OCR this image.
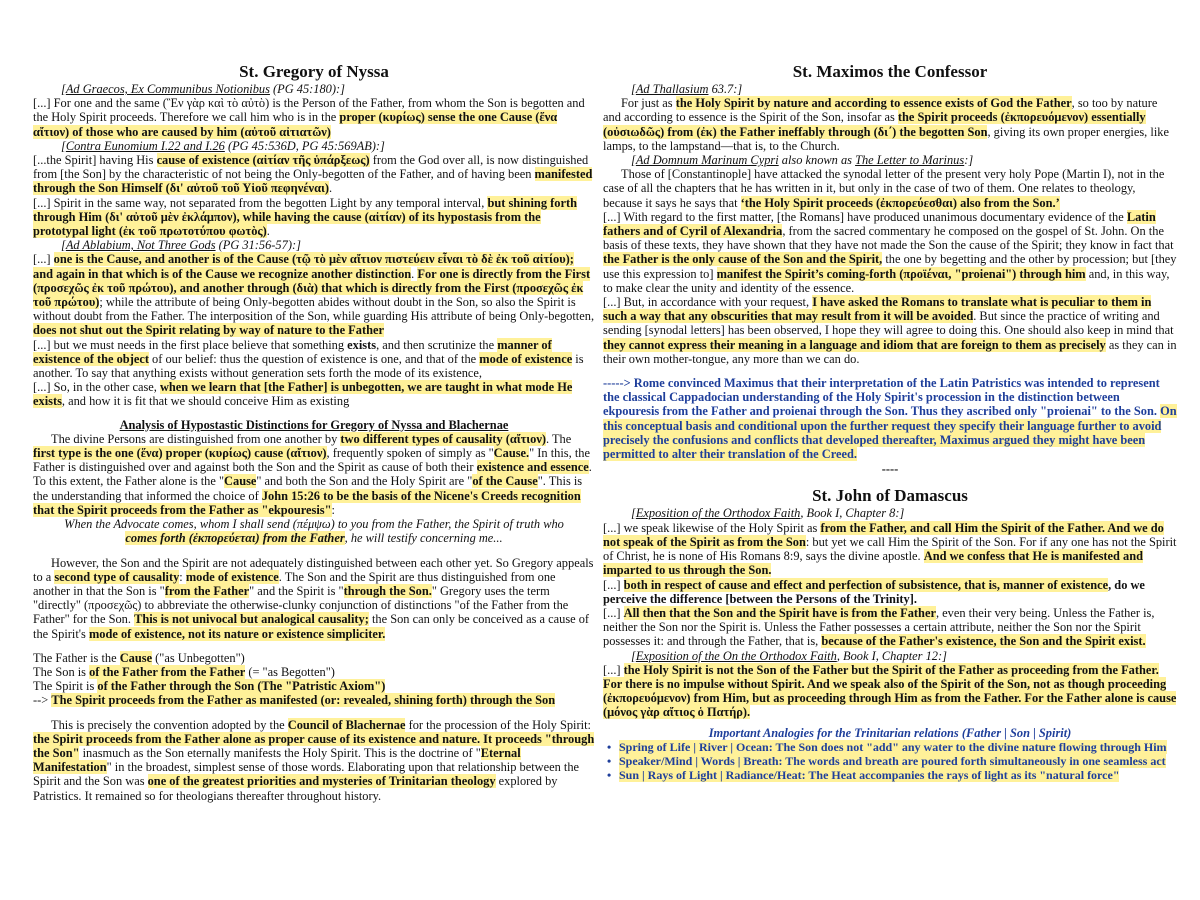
St. Gregory of Nyssa
[Ad Graecos, Ex Communibus Notionibus (PG 45:180):]

[...] For one and the same (Ἓν γὰρ καὶ τὸ αὐτὸ) is the Person of the Father, from whom the Son is begotten and the Holy Spirit proceeds. Therefore we call him who is in the proper (κυρίως) sense the one Cause (ἕνα αἴτιον) of those who are caused by him (αὐτοῦ αἰτιατῶν)

[Contra Eunomium I.22 and I.26 (PG 45:536D, PG 45:569AB):]

[...the Spirit] having His cause of existence (αἰτίαν τῆς ὑπάρξεως) from the God over all, is now distinguished from [the Son] by the characteristic of not being the Only-begotten of the Father, and of having been manifested through the Son Himself (δι' αὐτοῦ τοῦ Υἱοῦ πεφηνέναι).

[...] Spirit in the same way, not separated from the begotten Light by any temporal interval, but shining forth through Him (δι' αὐτοῦ μὲν ἐκλάμπον), while having the cause (αἰτίαν) of its hypostasis from the prototypal light (ἐκ τοῦ πρωτοτύπου φωτὸς).

[Ad Ablabium, Not Three Gods (PG 31:56-57):]

[...] one is the Cause, and another is of the Cause (τῷ τὸ μὲν αἴτιον πιστεύειν εἶναι τὸ δὲ ἐκ τοῦ αἰτίου); and again in that which is of the Cause we recognize another distinction. For one is directly from the First (προσεχῶς ἐκ τοῦ πρώτου), and another through (διὰ) that which is directly from the First (προσεχῶς ἐκ τοῦ πρώτου); while the attribute of being Only-begotten abides without doubt in the Son, so also the Spirit is without doubt from the Father. The interposition of the Son, while guarding His attribute of being Only-begotten, does not shut out the Spirit relating by way of nature to the Father

[...] but we must needs in the first place believe that something exists, and then scrutinize the manner of existence of the object of our belief: thus the question of existence is one, and that of the mode of existence is another. To say that anything exists without generation sets forth the mode of its existence,

[...] So, in the other case, when we learn that [the Father] is unbegotten, we are taught in what mode He exists, and how it is fit that we should conceive Him as existing

Analysis of Hypostastic Distinctions for Gregory of Nyssa and Blachernae

The divine Persons are distinguished from one another by two different types of causality (αἴτιον). The first type is the one (ἕνα) proper (κυρίως) cause (αἴτιον), frequently spoken of simply as "Cause." In this, the Father is distinguished over and against both the Son and the Spirit as cause of both their existence and essence. To this extent, the Father alone is the "Cause" and both the Son and the Holy Spirit are "of the Cause". This is the understanding that informed the choice of John 15:26 to be the basis of the Nicene's Creeds recognition that the Spirit proceeds from the Father as "ekpouresis":

When the Advocate comes, whom I shall send (πέμψω) to you from the Father, the Spirit of truth who comes forth (ἐκπορεύεται) from the Father, he will testify concerning me...

However, the Son and the Spirit are not adequately distinguished between each other yet. So Gregory appeals to a second type of causality: mode of existence. The Son and the Spirit are thus distinguished from one another in that the Son is "from the Father" and the Spirit is "through the Son." Gregory uses the term "directly" (προσεχῶς) to abbreviate the otherwise-clunky conjunction of distinctions "of the Father from the Father" for the Son. This is not univocal but analogical causality; the Son can only be conceived as a cause of the Spirit's mode of existence, not its nature or existence simpliciter.

The Father is the Cause ("as Unbegotten")

The Son is of the Father from the Father (= "as Begotten")

The Spirit is of the Father through the Son (The "Patristic Axiom")

--> The Spirit proceeds from the Father as manifested (or: revealed, shining forth) through the Son

This is precisely the convention adopted by the Council of Blachernae for the procession of the Holy Spirit: the Spirit proceeds from the Father alone as proper cause of its existence and nature. It proceeds "through the Son" inasmuch as the Son eternally manifests the Holy Spirit. This is the doctrine of "Eternal Manifestation" in the broadest, simplest sense of those words. Elaborating upon that relationship between the Spirit and the Son was one of the greatest priorities and mysteries of Trinitarian theology explored by Patristics. It remained so for theologians thereafter throughout history.

St. Maximos the Confessor
[Ad Thallasium 63.7:]

For just as the Holy Spirit by nature and according to essence exists of God the Father, so too by nature and according to essence is the Spirit of the Son, insofar as the Spirit proceeds (ἐκπορευόμενον) essentially (οὐσιωδῶς) from (ἐκ) the Father ineffably through (δι΄) the begotten Son, giving its own proper energies, like lamps, to the lampstand—that is, to the Church.

[Ad Domnum Marinum Cypri also known as The Letter to Marinus:]

Those of [Constantinople] have attacked the synodal letter of the present very holy Pope (Martin I), not in the case of all the chapters that he has written in it, but only in the case of two of them. One relates to theology, because it says he says that ‘the Holy Spirit proceeds (ἐκπορεύεσθαι) also from the Son.’

[...] With regard to the first matter, [the Romans] have produced unanimous documentary evidence of the Latin fathers and of Cyril of Alexandria, from the sacred commentary he composed on the gospel of St. John. On the basis of these texts, they have shown that they have not made the Son the cause of the Spirit; they know in fact that the Father is the only cause of the Son and the Spirit, the one by begetting and the other by procession; but [they use this expression to] manifest the Spirit’s coming-forth (προϊέναι, "proienai") through him and, in this way, to make clear the unity and identity of the essence.

[...] But, in accordance with your request, I have asked the Romans to translate what is peculiar to them in such a way that any obscurities that may result from it will be avoided. But since the practice of writing and sending [synodal letters] has been observed, I hope they will agree to doing this. One should also keep in mind that they cannot express their meaning in a language and idiom that are foreign to them as precisely as they can in their own mother-tongue, any more than we can do.

-----> Rome convinced Maximus that their interpretation of the Latin Patristics was intended to represent the classical Cappadocian understanding of the Holy Spirit's procession in the distinction between ekpouresis from the Father and proienai through the Son. Thus they ascribed only "proienai" to the Son. On this conceptual basis and conditional upon the further request they specify their language further to avoid precisely the confusions and conflicts that developed thereafter, Maximus argued they might have been permitted to alter their translation of the Creed.

----
St. John of Damascus
[Exposition of the Orthodox Faith, Book I, Chapter 8:]

[...] we speak likewise of the Holy Spirit as from the Father, and call Him the Spirit of the Father. And we do not speak of the Spirit as from the Son: but yet we call Him the Spirit of the Son. For if any one has not the Spirit of Christ, he is none of His Romans 8:9, says the divine apostle. And we confess that He is manifested and imparted to us through the Son.

[...] both in respect of cause and effect and perfection of subsistence, that is, manner of existence, do we perceive the difference [between the Persons of the Trinity].

[...] All then that the Son and the Spirit have is from the Father, even their very being. Unless the Father is, neither the Son nor the Spirit is. Unless the Father possesses a certain attribute, neither the Son nor the Spirit possesses it: and through the Father, that is, because of the Father's existence, the Son and the Spirit exist.

[Exposition of the On the Orthodox Faith, Book I, Chapter 12:]

[...] the Holy Spirit is not the Son of the Father but the Spirit of the Father as proceeding from the Father. For there is no impulse without Spirit. And we speak also of the Spirit of the Son, not as though proceeding (ἐκπορευόμενον) from Him, but as proceeding through Him as from the Father. For the Father alone is cause (μόνος γὰρ αἴτιος ὁ Πατήρ).

Important Analogies for the Trinitarian relations (Father | Son | Spirit)
• Spring of Life | River | Ocean: The Son does not "add" any water to the divine nature flowing through Him
• Speaker/Mind | Words | Breath: The words and breath are poured forth simultaneously in one seamless act
• Sun | Rays of Light | Radiance/Heat: The Heat accompanies the rays of light as its "natural force"
